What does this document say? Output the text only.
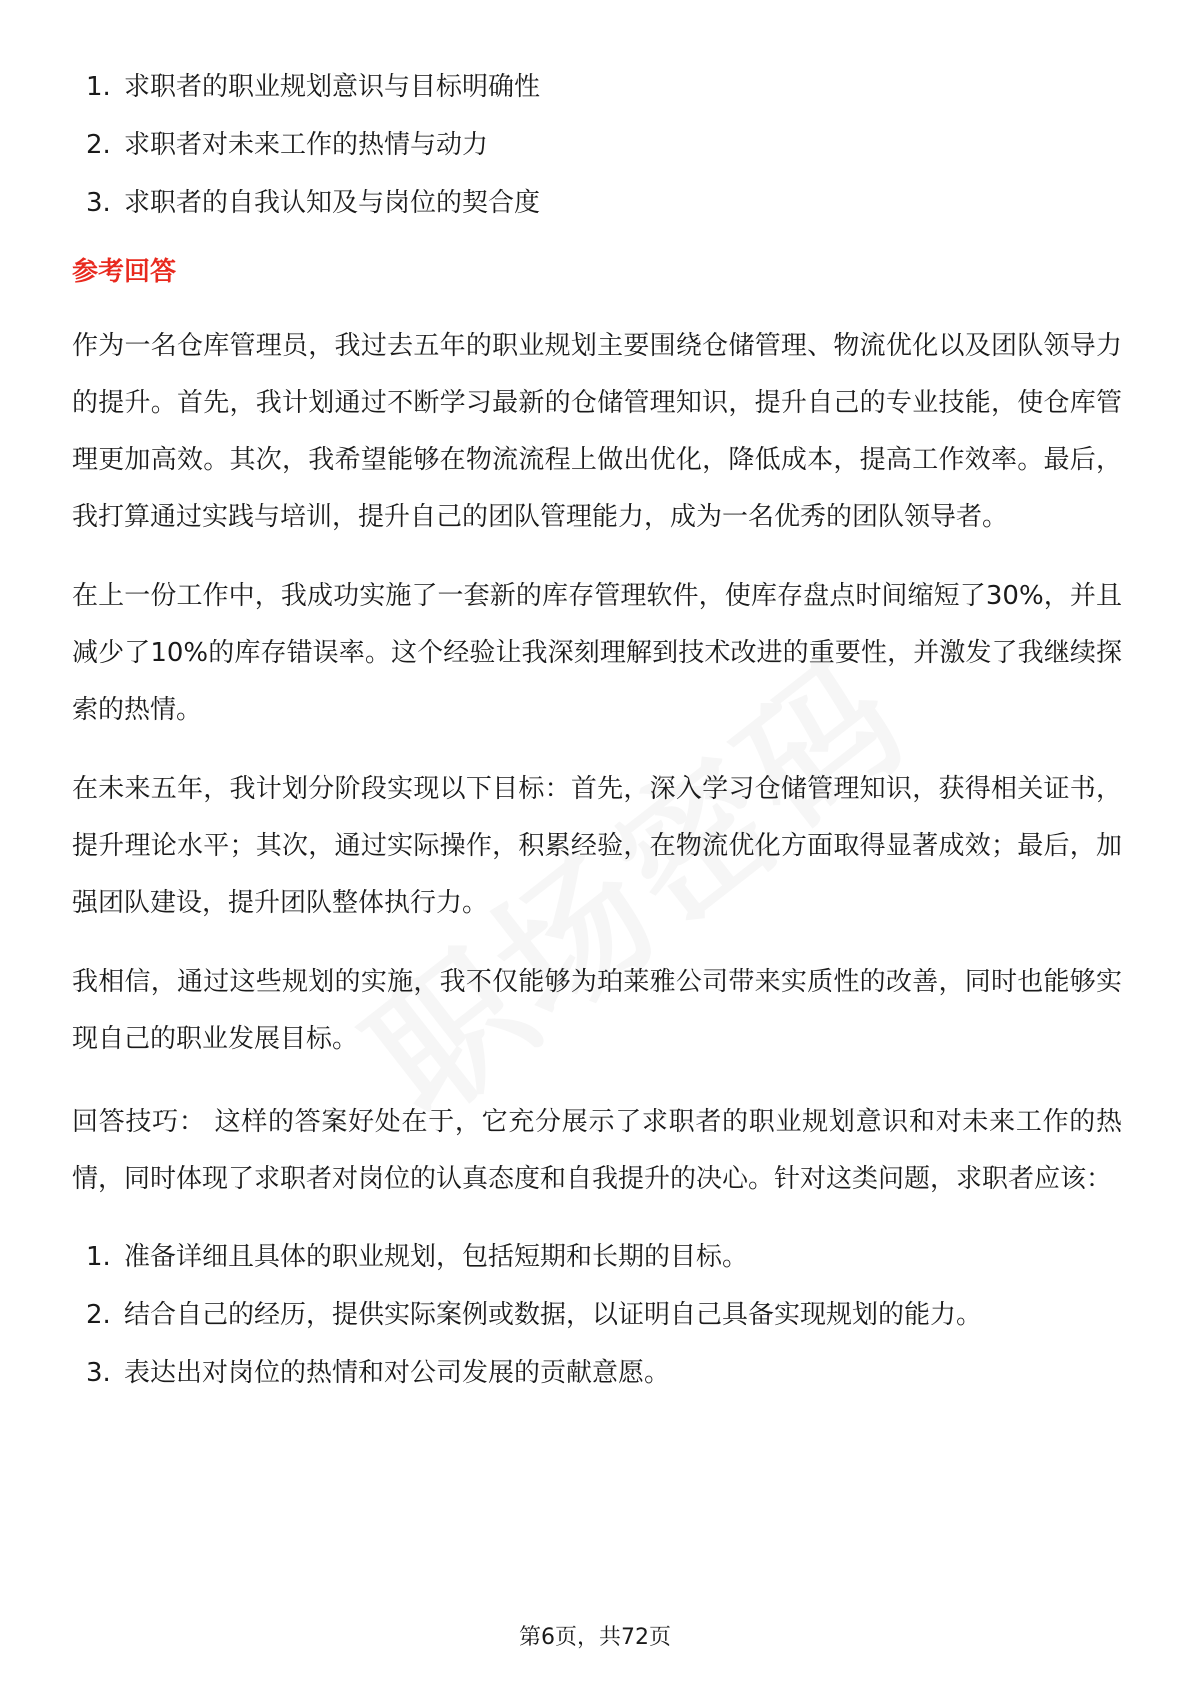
1. 求职者的职业规划意识与目标明确性
2. 求职者对未来工作的热情与动力
3. 求职者的自我认知及与岗位的契合度
参考回答

作为一名仓库管理员，我过去五年的职业规划主要围绕仓储管理、物流优化以及团队领导力的提升。首先，我计划通过不断学习最新的仓储管理知识，提升自己的专业技能，使仓库管理更加高效。其次，我希望能够在物流流程上做出优化，降低成本，提高工作效率。最后，我打算通过实践与培训，提升自己的团队管理能力，成为一名优秀的团队领导者。

在上一份工作中，我成功实施了一套新的库存管理软件，使库存盘点时间缩短了30%，并且减少了10%的库存错误率。这个经验让我深刻理解到技术改进的重要性，并激发了我继续探索的热情。

在未来五年，我计划分阶段实现以下目标：首先，深入学习仓储管理知识，获得相关证书，提升理论水平；其次，通过实际操作，积累经验，在物流优化方面取得显著成效；最后，加强团队建设，提升团队整体执行力。

我相信，通过这些规划的实施，我不仅能够为珀莱雅公司带来实质性的改善，同时也能够实现自己的职业发展目标。

回答技巧： 这样的答案好处在于，它充分展示了求职者的职业规划意识和对未来工作的热情，同时体现了求职者对岗位的认真态度和自我提升的决心。针对这类问题，求职者应该：

1. 准备详细且具体的职业规划，包括短期和长期的目标。
2. 结合自己的经历，提供实际案例或数据，以证明自己具备实现规划的能力。
3. 表达出对岗位的热情和对公司发展的贡献意愿。
第6页，共72页
